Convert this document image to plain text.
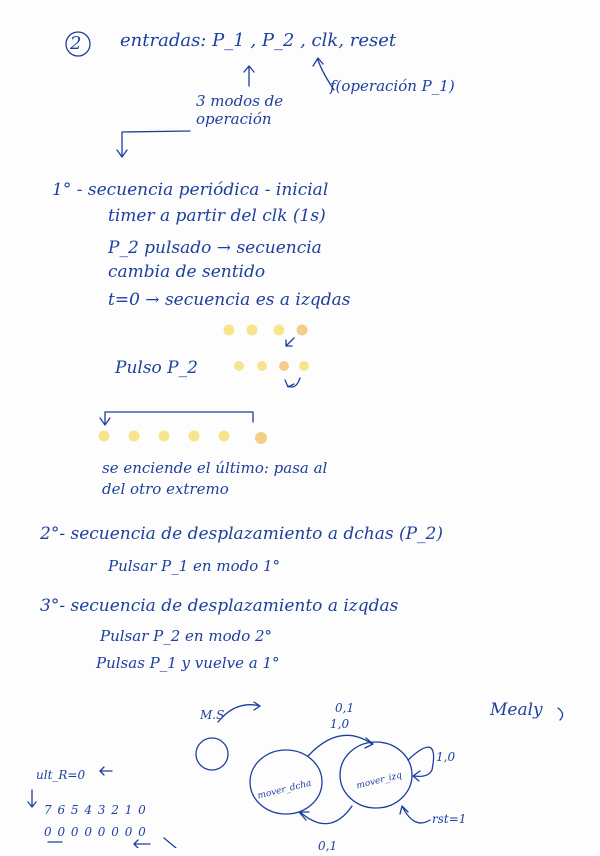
2 entradas: P_1 , P_2 , clk, reset
f(operación P_1)
3 modos de operación
1° - secuencia periódica - inicial
timer a partir del clk (1s)
P_2 pulsado → secuencia
cambia de sentido
t=0 → secuencia es a izqdas
Pulso P_2
se enciende el último: pasa al
del otro extremo
2°- secuencia de desplazamiento a dchas (P_2)
Pulsar P_1 en modo 1°
3°- secuencia de desplazamiento a izqdas
Pulsar P_2 en modo 2°
Pulsas P_1 y vuelve a 1°
Mealy
M.S	0,1
1,0
1,0
0,1
rst=1
mover_dcha	mover_izq
ult_R=0
7 6 5 4 3 2 1 0
0 0 0 0 0 0 0 0
